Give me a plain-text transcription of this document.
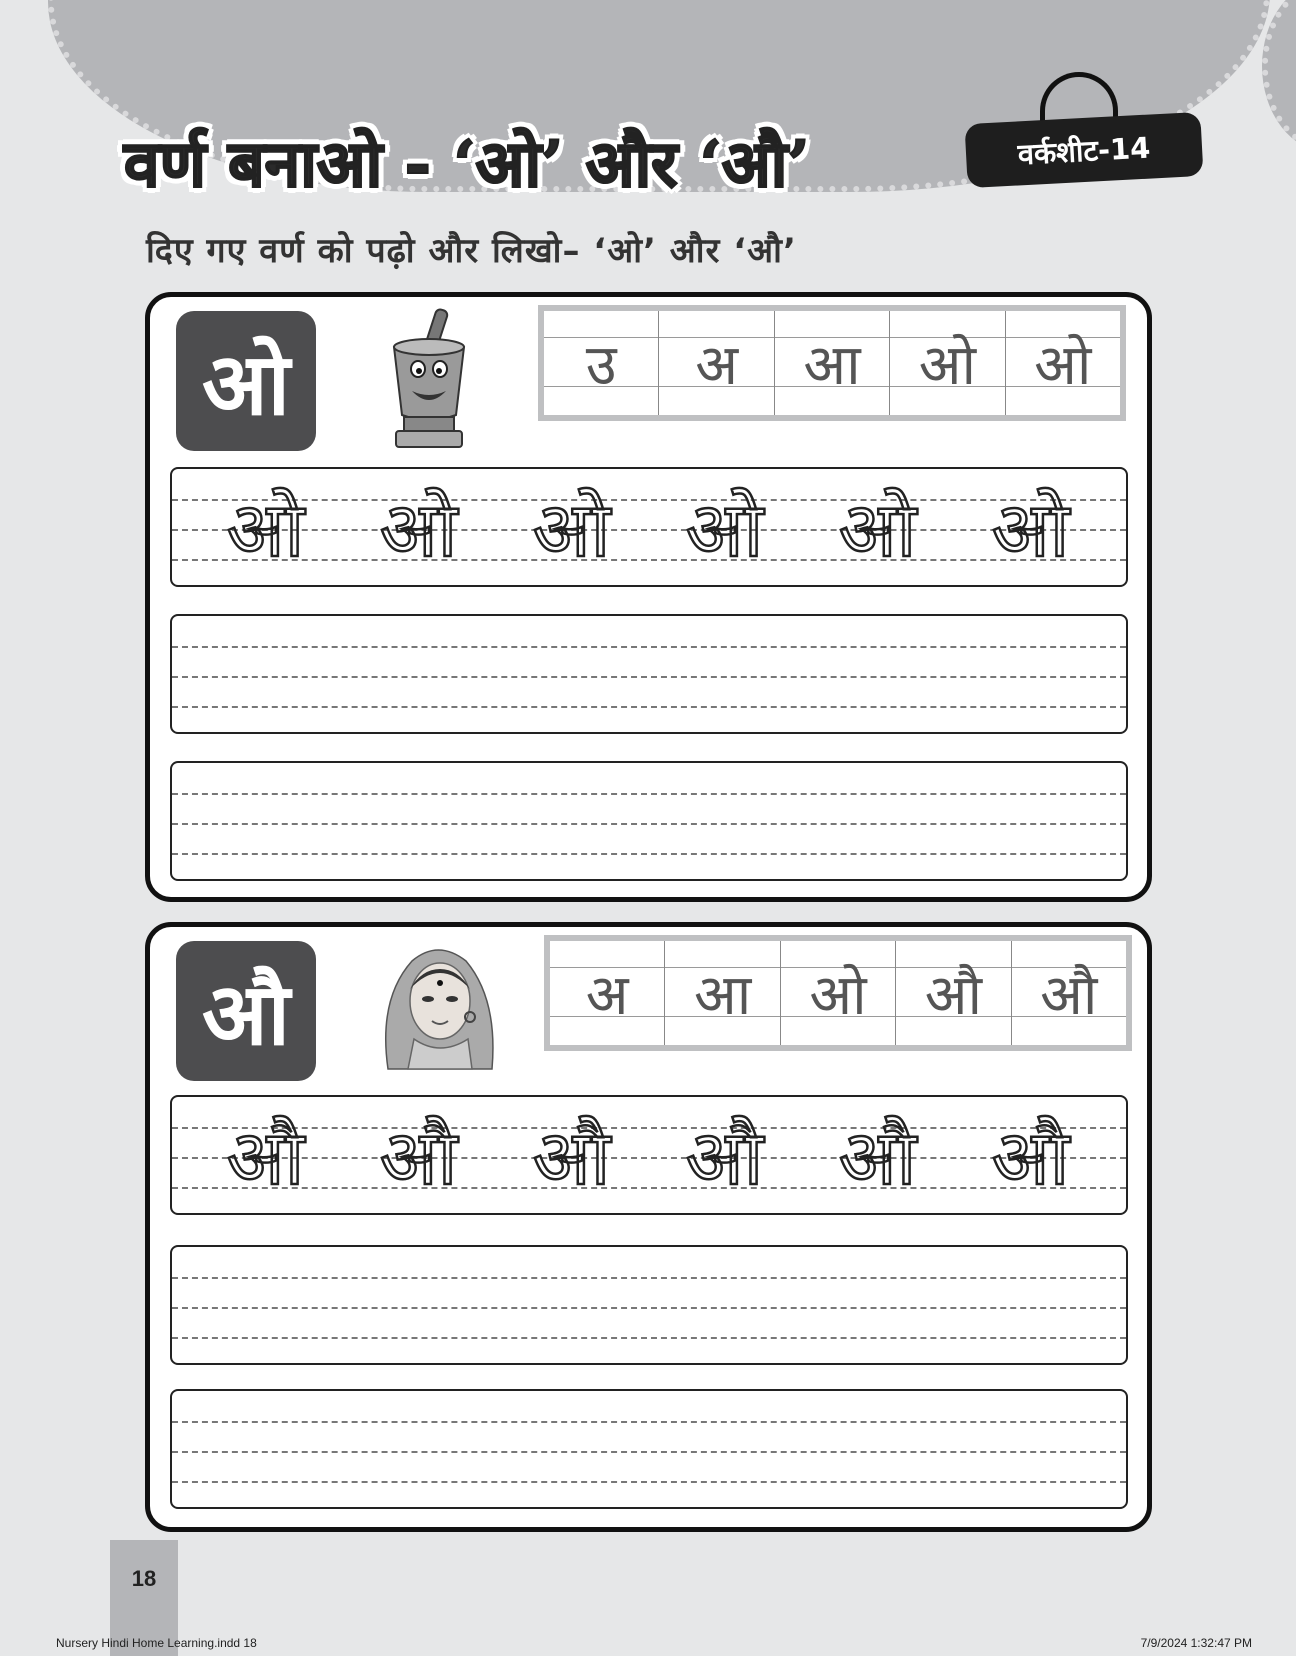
वर्ण बनाओ - ‘ओ’ और ‘औ’	वर्कशीट-14

दिए गए वर्ण को पढ़ो और लिखो– ‘ओ’ और ‘औ’

ओ	उ	अ	आ	ओ	ओ
ओ ओ ओ ओ ओ ओ
औ	अ	आ	ओ	औ	औ
औ औ औ औ औ औ
18
Nursery Hindi Home Learning.indd 18	7/9/2024 1:32:47 PM
